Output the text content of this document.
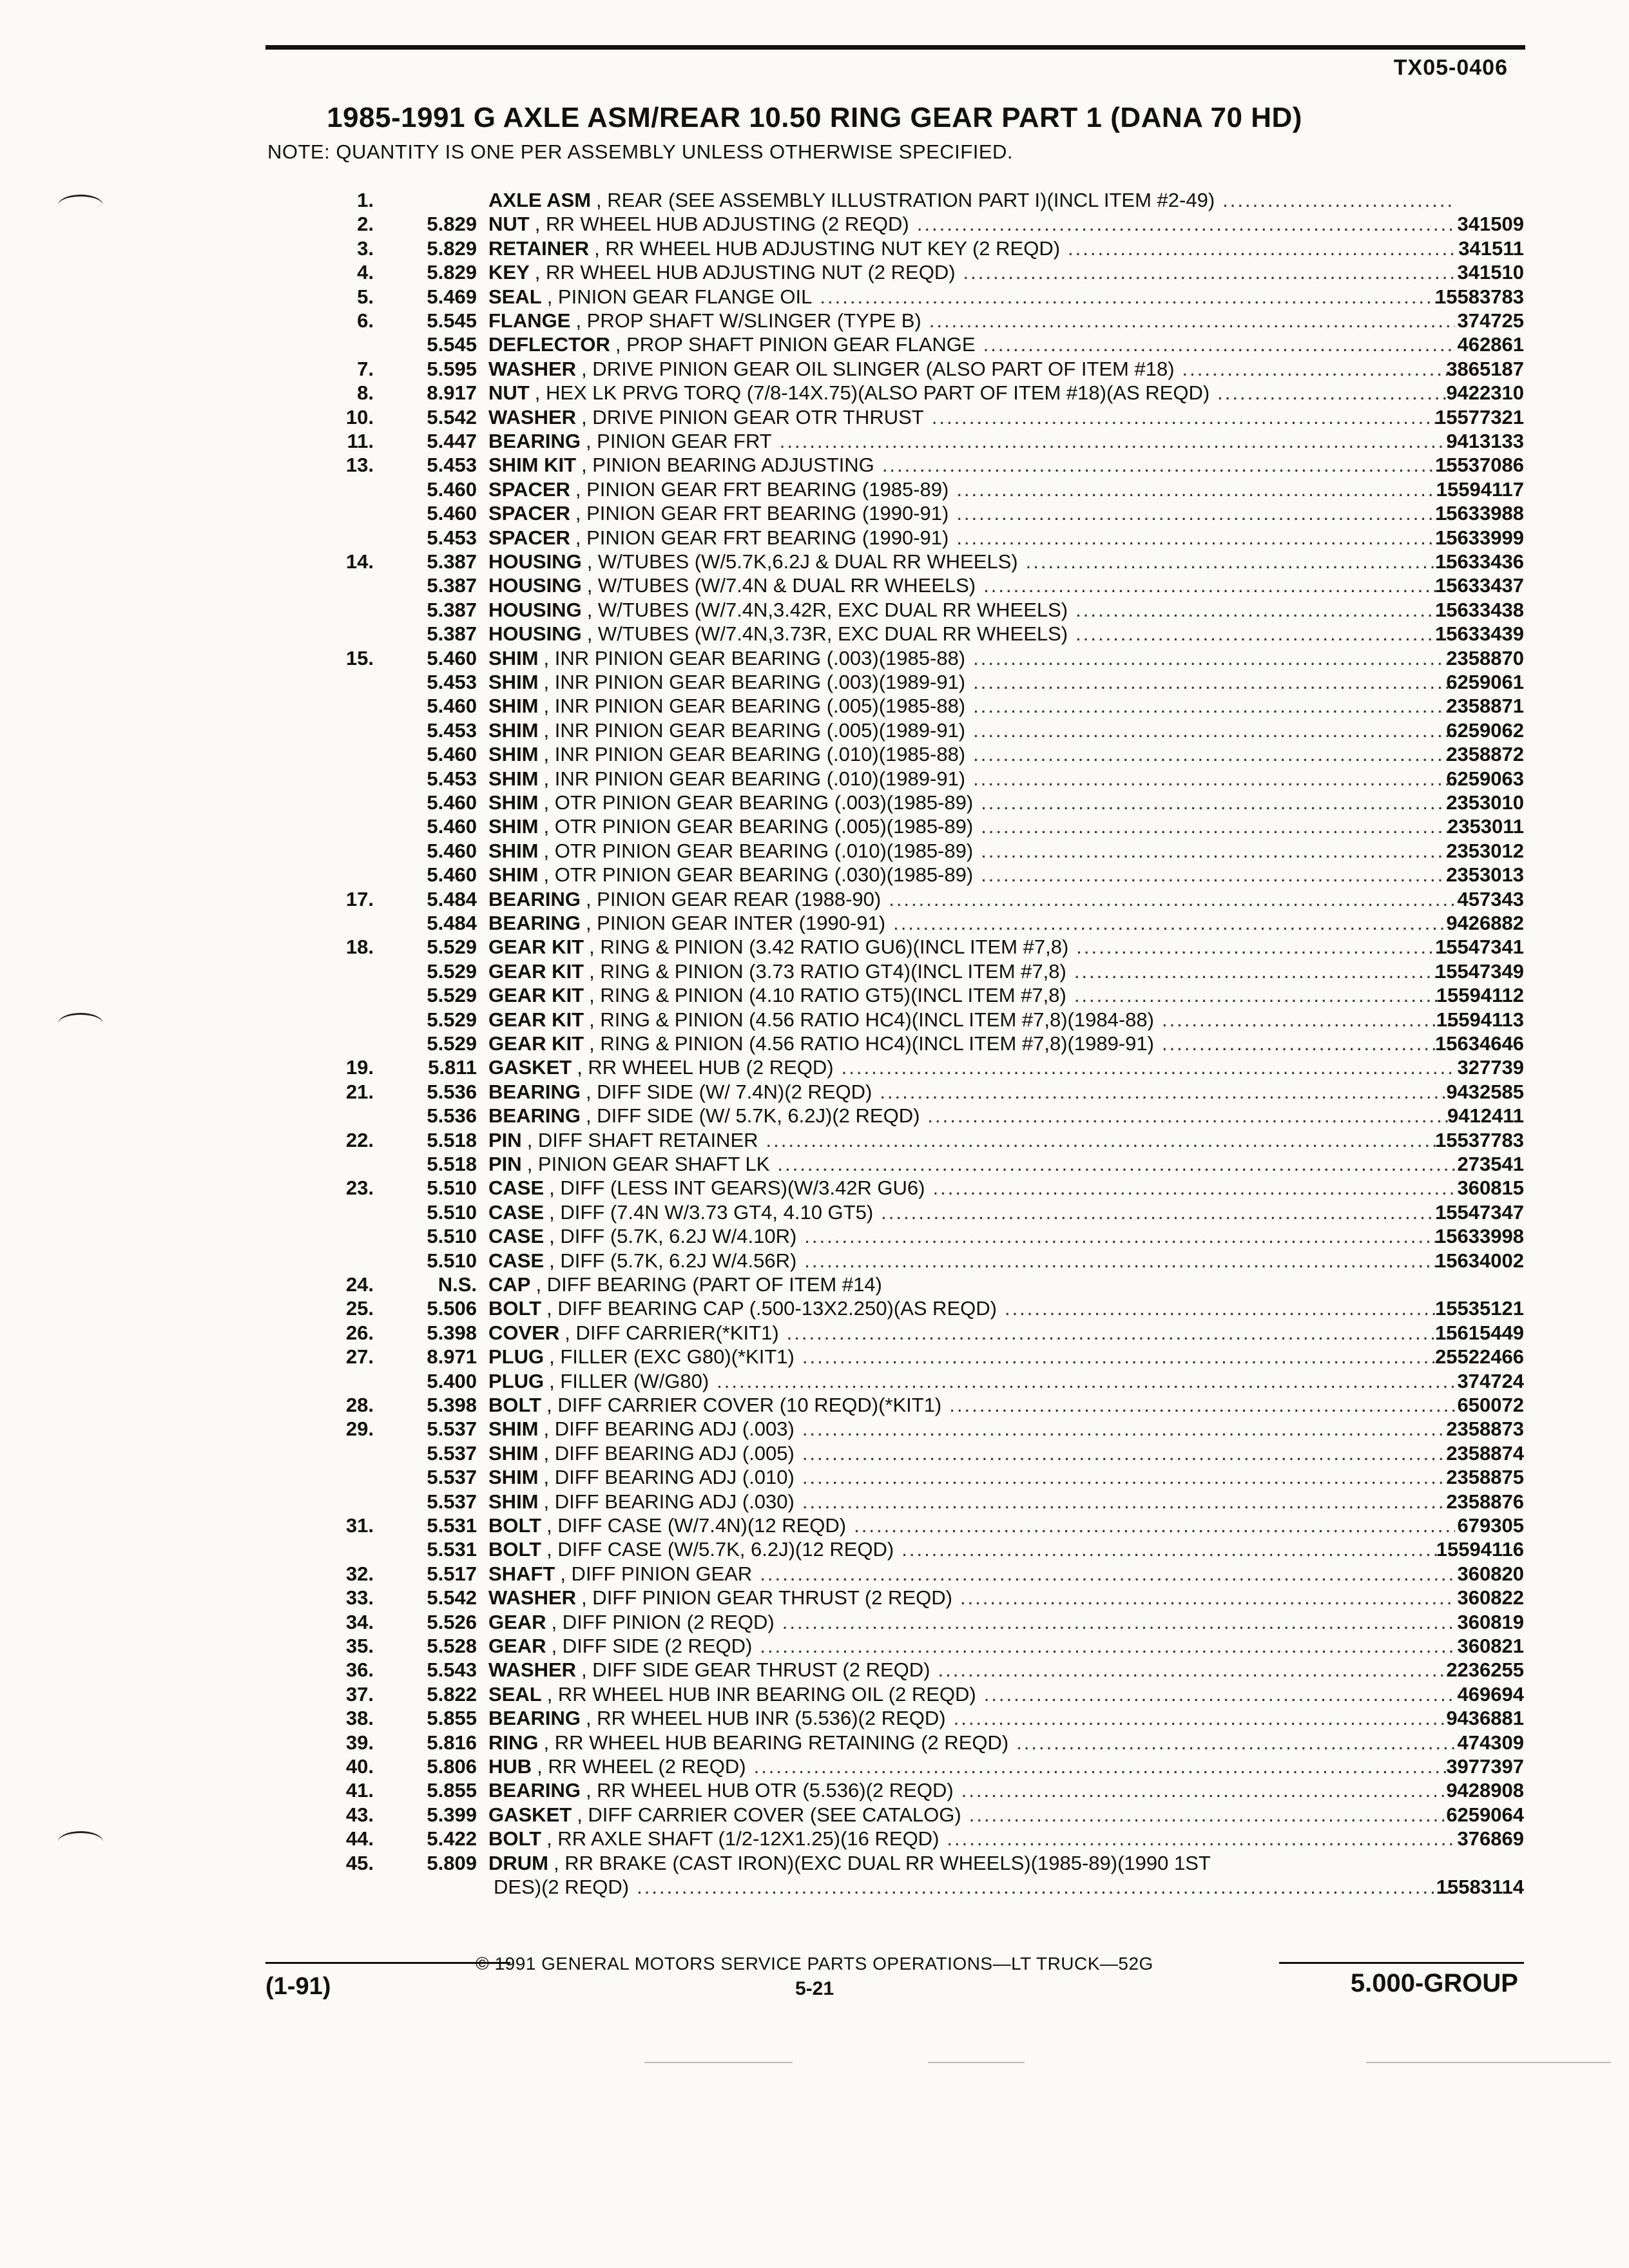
TX05-0406
1985-1991 G AXLE ASM/REAR 10.50 RING GEAR PART 1 (DANA 70 HD)
NOTE: QUANTITY IS ONE PER ASSEMBLY UNLESS OTHERWISE SPECIFIED.
1.	AXLE ASM , REAR (SEE ASSEMBLY ILLUSTRATION PART I)(INCL ITEM #2-49)
.....
2.	5.829 NUT , RR WHEEL HUB ADJUSTING (2 REQD) .....	341509
3.	5.829 RETAINER , RR WHEEL HUB ADJUSTING NUT KEY (2 REQD) .....	341511
4.	5.829 KEY , RR WHEEL HUB ADJUSTING NUT (2 REQD) .....	341510
5.	5.469 SEAL , PINION GEAR FLANGE OIL .....	15583783
6.	5.545 FLANGE , PROP SHAFT W/SLINGER (TYPE B) .....	374725
5.545 DEFLECTOR , PROP SHAFT PINION GEAR FLANGE .....	462861
7.	5.595 WASHER , DRIVE PINION GEAR OIL SLINGER (ALSO PART OF ITEM #18) .....	3865187
8.	8.917 NUT , HEX LK PRVG TORQ (7/8-14X.75)(ALSO PART OF ITEM #18)(AS REQD) .....	9422310
10.	5.542 WASHER , DRIVE PINION GEAR OTR THRUST .....	15577321
11.	5.447 BEARING , PINION GEAR FRT .....	9413133
13.	5.453 SHIM KIT , PINION BEARING ADJUSTING .....	15537086
5.460 SPACER , PINION GEAR FRT BEARING (1985-89) .....	15594117
5.460 SPACER , PINION GEAR FRT BEARING (1990-91) .....	15633988
5.453 SPACER , PINION GEAR FRT BEARING (1990-91) .....	15633999
14.	5.387 HOUSING , W/TUBES (W/5.7K,6.2J & DUAL RR WHEELS) .....	15633436
5.387 HOUSING , W/TUBES (W/7.4N & DUAL RR WHEELS) .....	15633437
5.387 HOUSING , W/TUBES (W/7.4N,3.42R, EXC DUAL RR WHEELS) .....	15633438
5.387 HOUSING , W/TUBES (W/7.4N,3.73R, EXC DUAL RR WHEELS) .....	15633439
15.	5.460 SHIM , INR PINION GEAR BEARING (.003)(1985-88) .....	2358870
5.453 SHIM , INR PINION GEAR BEARING (.003)(1989-91) .....	6259061
5.460 SHIM , INR PINION GEAR BEARING (.005)(1985-88) .....	2358871
5.453 SHIM , INR PINION GEAR BEARING (.005)(1989-91) .....	6259062
5.460 SHIM , INR PINION GEAR BEARING (.010)(1985-88) .....	2358872
5.453 SHIM , INR PINION GEAR BEARING (.010)(1989-91) .....	6259063
5.460 SHIM , OTR PINION GEAR BEARING (.003)(1985-89) .....	2353010
5.460 SHIM , OTR PINION GEAR BEARING (.005)(1985-89) .....	2353011
5.460 SHIM , OTR PINION GEAR BEARING (.010)(1985-89) .....	2353012
5.460 SHIM , OTR PINION GEAR BEARING (.030)(1985-89) .....	2353013
17.	5.484 BEARING , PINION GEAR REAR (1988-90) .....	457343
5.484 BEARING , PINION GEAR INTER (1990-91) .....	9426882
18.	5.529 GEAR KIT , RING & PINION (3.42 RATIO GU6)(INCL ITEM #7,8) .....	15547341
5.529 GEAR KIT , RING & PINION (3.73 RATIO GT4)(INCL ITEM #7,8) .....	15547349
5.529 GEAR KIT , RING & PINION (4.10 RATIO GT5)(INCL ITEM #7,8) .....	15594112
5.529 GEAR KIT , RING & PINION (4.56 RATIO HC4)(INCL ITEM #7,8)(1984-88) .....	15594113
5.529 GEAR KIT , RING & PINION (4.56 RATIO HC4)(INCL ITEM #7,8)(1989-91) .....	15634646
19.	5.811 GASKET , RR WHEEL HUB (2 REQD) .....	327739
21.	5.536 BEARING , DIFF SIDE (W/ 7.4N)(2 REQD) .....	9432585
5.536 BEARING , DIFF SIDE (W/ 5.7K, 6.2J)(2 REQD) .....	9412411
22.	5.518 PIN , DIFF SHAFT RETAINER .....	15537783
5.518 PIN , PINION GEAR SHAFT LK .....	273541
23.	5.510 CASE , DIFF (LESS INT GEARS)(W/3.42R GU6) .....	360815
5.510 CASE , DIFF (7.4N W/3.73 GT4, 4.10 GT5) .....	15547347
5.510 CASE , DIFF (5.7K, 6.2J W/4.10R) .....	15633998
5.510 CASE , DIFF (5.7K, 6.2J W/4.56R) .....	15634002
24.	N.S. CAP , DIFF BEARING (PART OF ITEM #14)
25.	5.506 BOLT , DIFF BEARING CAP (.500-13X2.250)(AS REQD) .....	15535121
26.	5.398 COVER , DIFF CARRIER(*KIT1) .....	15615449
27.	8.971 PLUG , FILLER (EXC G80)(*KIT1) .....	25522466
5.400 PLUG , FILLER (W/G80) .....	374724
28.	5.398 BOLT , DIFF CARRIER COVER (10 REQD)(*KIT1) .....	650072
29.	5.537 SHIM , DIFF BEARING ADJ (.003) .....	2358873
5.537 SHIM , DIFF BEARING ADJ (.005) .....	2358874
5.537 SHIM , DIFF BEARING ADJ (.010) .....	2358875
5.537 SHIM , DIFF BEARING ADJ (.030) .....	2358876
31.	5.531 BOLT , DIFF CASE (W/7.4N)(12 REQD) .....	679305
5.531 BOLT , DIFF CASE (W/5.7K, 6.2J)(12 REQD) .....	15594116
32.	5.517 SHAFT , DIFF PINION GEAR .....	360820
33.	5.542 WASHER , DIFF PINION GEAR THRUST (2 REQD) .....	360822
34.	5.526 GEAR , DIFF PINION (2 REQD) .....	360819
35.	5.528 GEAR , DIFF SIDE (2 REQD) .....	360821
36.	5.543 WASHER , DIFF SIDE GEAR THRUST (2 REQD) .....	2236255
37.	5.822 SEAL , RR WHEEL HUB INR BEARING OIL (2 REQD) .....	469694
38.	5.855 BEARING , RR WHEEL HUB INR (5.536)(2 REQD) .....	9436881
39.	5.816 RING , RR WHEEL HUB BEARING RETAINING (2 REQD) .....	474309
40.	5.806 HUB , RR WHEEL (2 REQD) .....	3977397
41.	5.855 BEARING , RR WHEEL HUB OTR (5.536)(2 REQD) .....	9428908
43.	5.399 GASKET , DIFF CARRIER COVER (SEE CATALOG) .....	6259064
44.	5.422 BOLT , RR AXLE SHAFT (1/2-12X1.25)(16 REQD) .....	376869
45.	5.809 DRUM , RR BRAKE (CAST IRON)(EXC DUAL RR WHEELS)(1985-89)(1990 1ST
DES)(2 REQD) .....	15583114
© 1991 GENERAL MOTORS SERVICE PARTS OPERATIONS—LT TRUCK—52G
(1-91)	5-21	5.000-GROUP
